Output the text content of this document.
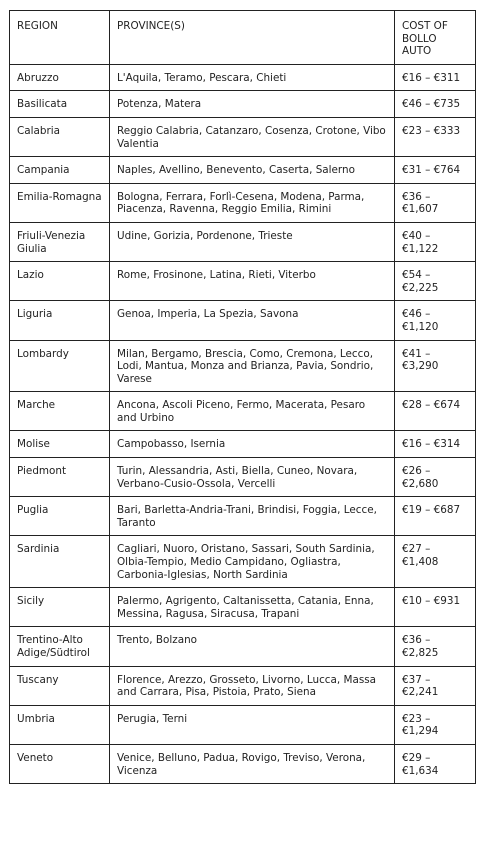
REGION	PROVINCE(S)	COST OF BOLLO AUTO
Abruzzo	L'Aquila, Teramo, Pescara, Chieti	€16 – €311
Basilicata	Potenza, Matera	€46 – €735
Calabria	Reggio Calabria, Catanzaro, Cosenza, Crotone, Vibo Valentia	€23 – €333
Campania	Naples, Avellino, Benevento, Caserta, Salerno	€31 – €764
Emilia-Romagna	Bologna, Ferrara, Forlì-Cesena, Modena, Parma, Piacenza, Ravenna, Reggio Emilia, Rimini	€36 – €1,607
Friuli-Venezia Giulia	Udine, Gorizia, Pordenone, Trieste	€40 – €1,122
Lazio	Rome, Frosinone, Latina, Rieti, Viterbo	€54 – €2,225
Liguria	Genoa, Imperia, La Spezia, Savona	€46 – €1,120
Lombardy	Milan, Bergamo, Brescia, Como, Cremona, Lecco, Lodi, Mantua, Monza and Brianza, Pavia, Sondrio, Varese	€41 – €3,290
Marche	Ancona, Ascoli Piceno, Fermo, Macerata, Pesaro and Urbino	€28 – €674
Molise	Campobasso, Isernia	€16 – €314
Piedmont	Turin, Alessandria, Asti, Biella, Cuneo, Novara, Verbano-Cusio-Ossola, Vercelli	€26 – €2,680
Puglia	Bari, Barletta-Andria-Trani, Brindisi, Foggia, Lecce, Taranto	€19 – €687
Sardinia	Cagliari, Nuoro, Oristano, Sassari, South Sardinia, Olbia-Tempio, Medio Campidano, Ogliastra, Carbonia-Iglesias, North Sardinia	€27 – €1,408
Sicily	Palermo, Agrigento, Caltanissetta, Catania, Enna, Messina, Ragusa, Siracusa, Trapani	€10 – €931
Trentino-Alto Adige/Südtirol	Trento, Bolzano	€36 – €2,825
Tuscany	Florence, Arezzo, Grosseto, Livorno, Lucca, Massa and Carrara, Pisa, Pistoia, Prato, Siena	€37 – €2,241
Umbria	Perugia, Terni	€23 – €1,294
Veneto	Venice, Belluno, Padua, Rovigo, Treviso, Verona, Vicenza	€29 – €1,634
